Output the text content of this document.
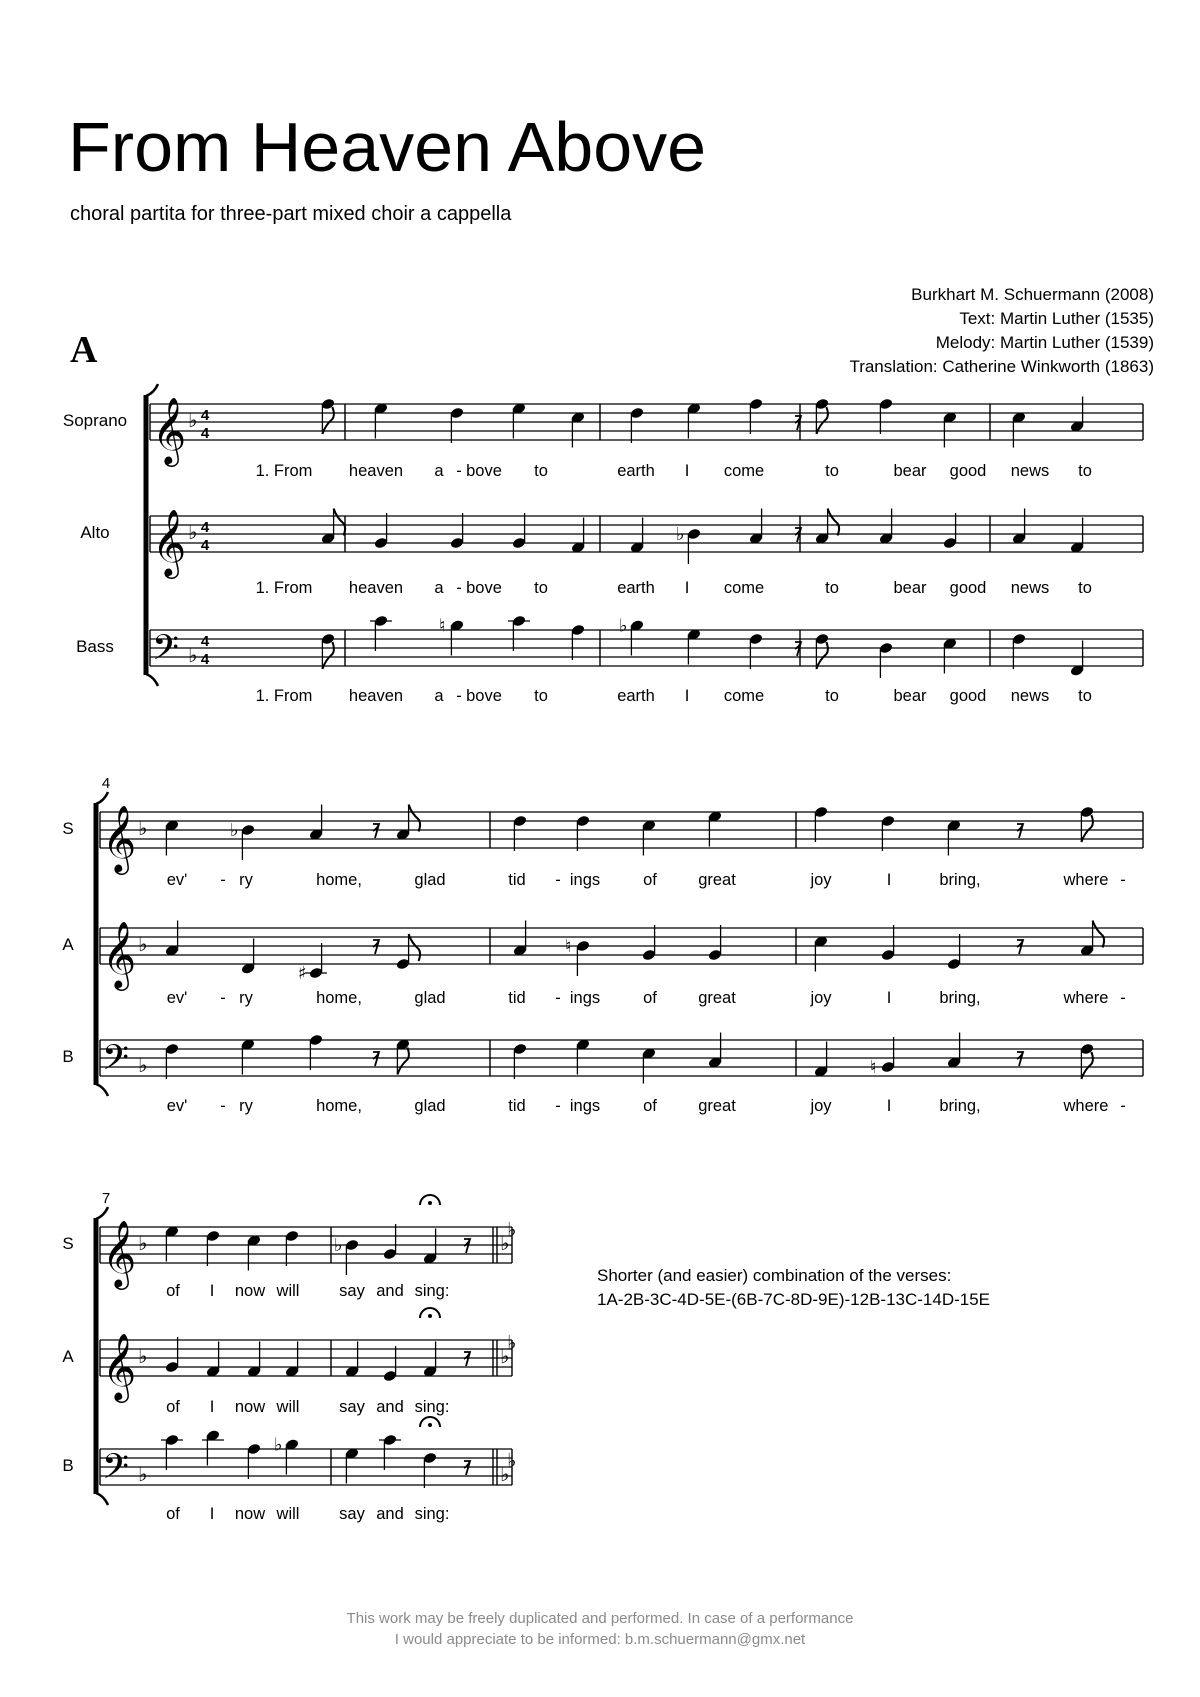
From Heaven Above
choral partita for three-part mixed choir a cappella
Burkhart M. Schuermann (2008)
Text: Martin Luther (1535)
Melody: Martin Luther (1539)
Translation: Catherine Winkworth (1863)
A
Soprano 𝄞 ♭ 4
4
1. From heaven a - bove to	earth I come	to	bear good news to
Alto 𝄞 ♭ 4
4
♭
1. From heaven a - bove to	earth I come	to	bear good news to
Bass 𝄢 ♭
4
4
♮	♭
1. From heaven a - bove to	earth I come	to	bear good news to
4
S 𝄞 ♭	♭
ev' - ry	home,	glad	tid - ings	of	great	joy	I	bring,	where -
A 𝄞 ♭
♯
♮
ev' - ry	home,	glad	tid - ings	of	great	joy	I	bring,	where -
B 𝄢 ♭	♮
ev' - ry	home,	glad	tid - ings	of	great	joy	I	bring,	where -
7
S	♭
♭
𝄞 ♭	♭
of I now will say and sing:
A	♭
♭
𝄞 ♭
of I now will say and sing:
B	♭
♭
𝄢 ♭
♭
of I now will say and sing:
Shorter (and easier) combination of the verses:
1A-2B-3C-4D-5E-(6B-7C-8D-9E)-12B-13C-14D-15E
This work may be freely duplicated and performed. In case of a performance
I would appreciate to be informed: b.m.schuermann@gmx.net
